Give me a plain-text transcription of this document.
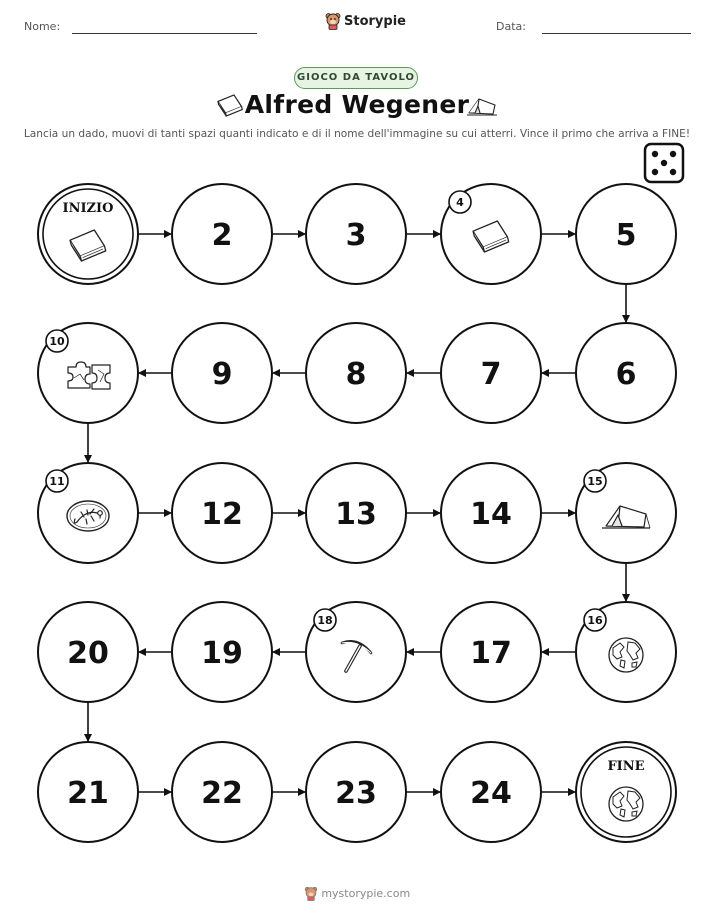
Nome:	Storypie	Data:
GIOCO DA TAVOLO
Alfred Wegener
Lancia un dado, muovi di tanti spazi quanti indicato e di il nome dell'immagine su cui atterri. Vince il primo che arriva a FINE!
INIZIO
2	3
4
5
6
7
8
9
10
11
12	13	14
15
16
17
18
19
20
21	22	23	24
FINE
mystorypie.com
